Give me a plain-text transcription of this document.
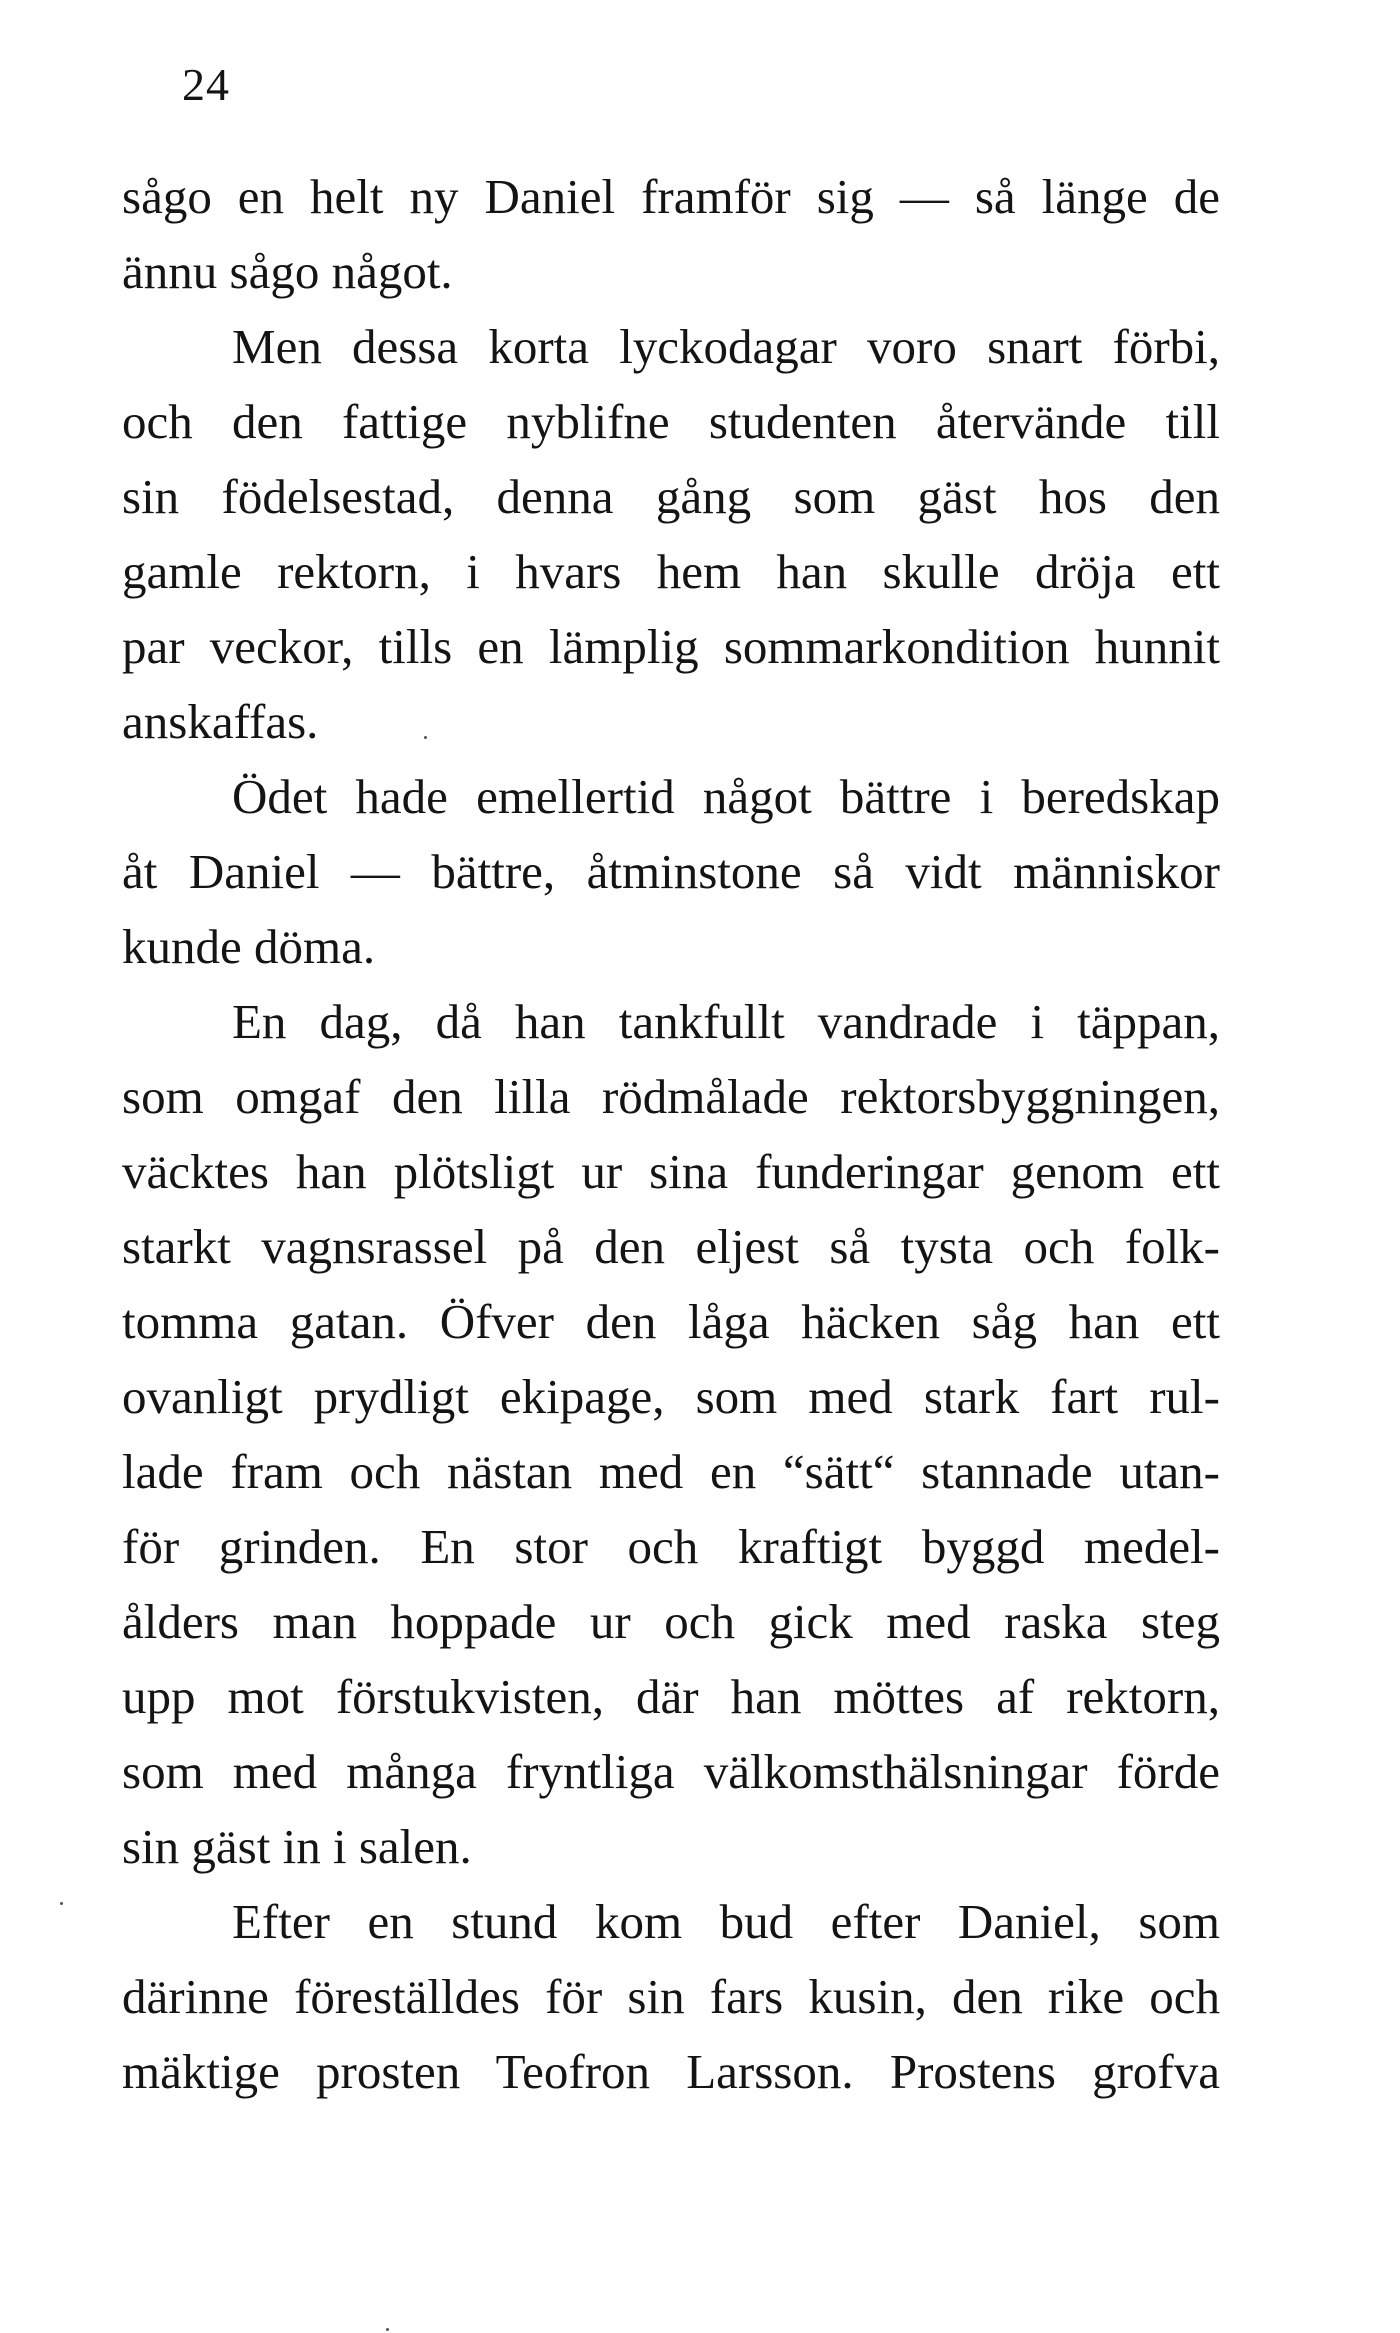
24
sågo en helt ny Daniel framför sig — så länge de
ännu sågo något.
Men dessa korta lyckodagar voro snart förbi,
och den fattige nyblifne studenten återvände till
sin födelsestad, denna gång som gäst hos den
gamle rektorn, i hvars hem han skulle dröja ett
par veckor, tills en lämplig sommarkondition hunnit
anskaffas.
Ödet hade emellertid något bättre i beredskap
åt Daniel — bättre, åtminstone så vidt människor
kunde döma.
En dag, då han tankfullt vandrade i täppan,
som omgaf den lilla rödmålade rektorsbyggningen,
väcktes han plötsligt ur sina funderingar genom ett
starkt vagnsrassel på den eljest så tysta och folk-
tomma gatan. Öfver den låga häcken såg han ett
ovanligt prydligt ekipage, som med stark fart rul-
lade fram och nästan med en “sätt“ stannade utan-
för grinden. En stor och kraftigt byggd medel-
ålders man hoppade ur och gick med raska steg
upp mot förstukvisten, där han möttes af rektorn,
som med många fryntliga välkomsthälsningar förde
sin gäst in i salen.
Efter en stund kom bud efter Daniel, som
därinne föreställdes för sin fars kusin, den rike och
mäktige prosten Teofron Larsson. Prostens grofva
